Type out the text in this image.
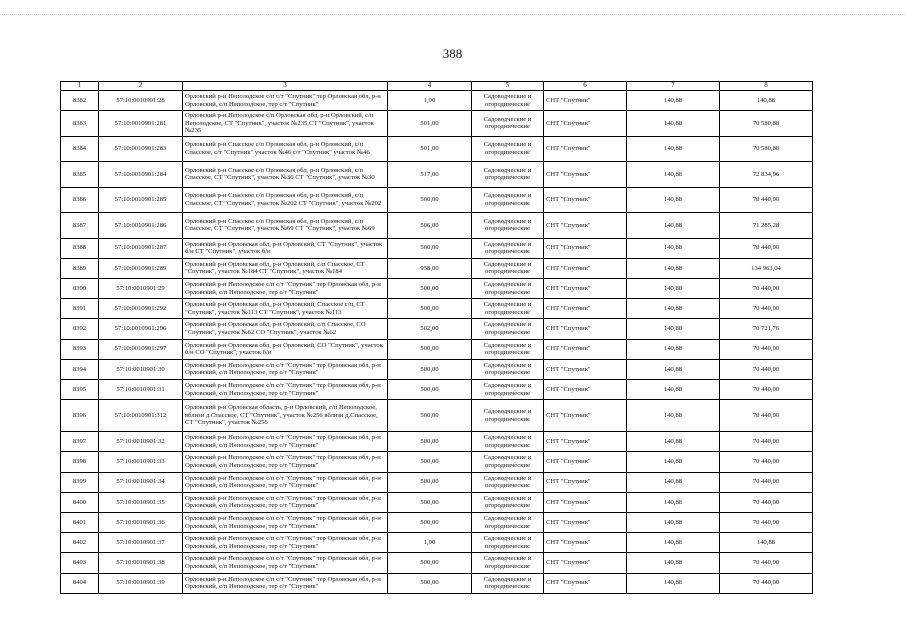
388
1	2	3	4	5	6	7	8
8382	57:10:0010901:28	Орловский р-н Неполодское с/п с/т "Спутник" тер Орловская обл, р-н Орловский, с/п Неполодское, тер с/т "Спутник"	1,00	Садоводческие и огороднические	СНТ "Спутник"	140,88	140,88
8383	57:10:0010901:281	Орловский р-н Неполодское с/п Орловская обл, р-н Орловский, с/п Неполодское, СТ "Спутник", участок №235 СТ "Спутник", участок №235	501,00	Садоводческие и огороднические	СНТ "Спутник"	140,88	70 580,88
8384	57:10:0010901:283	Орловский р-н Спасское с/п Орловская обл, р-н Орловский, с/п Спасское, с/т "Спутник" участок №46 с/т "Спутник" участок №46	501,00	Садоводческие и огороднические	СНТ "Спутник"	140,88	70 580,88
8385	57:10:0010901:284	Орловский р-н Спасское с/п Орловская обл, р-н Орловский, с/п Спасское, СТ "Спутник", участок №30 СТ "Спутник", участок №30	517,00	Садоводческие и огороднические	СНТ "Спутник"	140,88	72 834,96
8386	57:10:0010901:285	Орловский р-н Спасское с/п Орловская обл, р-н Орловский, с/п Спасское, СТ "Спутник", участок №202 СТ "Спутник", участок №202	500,00	Садоводческие и огороднические	СНТ "Спутник"	140,88	70 440,00
8387	57:10:0010901:286	Орловский р-н Спасское с/п Орловская обл, р-н Орловский, с/п Спасское, СТ "Спутник", участок №69 СТ "Спутник", участок №69	506,00	Садоводческие и огороднические	СНТ "Спутник"	140,88	71 285,28
8388	57:10:0010901:287	Орловский р-н Орловская обл, р-н Орловский, СТ "Спутник", участок б/н СТ "Спутник", участок б/н	500,00	Садоводческие и огороднические	СНТ "Спутник"	140,88	70 440,00
8389	57:10:0010901:289	Орловский р-н Орловская обл, р-н Орловский, с/п Спасское, СТ "Спутник", участок №184 СТ "Спутник", участок №184	958,00	Садоводческие и огороднические	СНТ "Спутник"	140,88	134 963,04
8390	57:10:0010901:29	Орловский р-н Неполодское с/п с/т "Спутник" тер Орловская обл, р-н Орловский, с/п Неполодское, тер с/т "Спутник"	500,00	Садоводческие и огороднические	СНТ "Спутник"	140,88	70 440,00
8391	57:10:0010901:292	Орловский р-н Орловская обл, р-н Орловский, Спасское с/п, СТ "Спутник", участок №113 СТ "Спутник", участок №113	500,00	Садоводческие и огороднические	СНТ "Спутник"	140,88	70 440,00
8392	57:10:0010901:296	Орловский р-н Орловская обл, р-н Орловский, с/п Спасское, СО "Спутник", участок №62 СО "Спутник", участок №62	502,00	Садоводческие и огороднические	СНТ "Спутник"	140,88	70 721,76
8393	57:10:0010901:297	Орловский р-н Орловская обл, р-н Орловский, СО "Спутник", участок б/н СО "Спутник", участок б/н	500,00	Садоводческие и огороднические	СНТ "Спутник"	140,88	70 440,00
8394	57:10:0010901:30	Орловский р-н Неполодское с/п с/т "Спутник" тер Орловская обл, р-н Орловский, с/п Неполодское, тер с/т "Спутник"	500,00	Садоводческие и огороднические	СНТ "Спутник"	140,88	70 440,00
8395	57:10:0010901:31	Орловский р-н Неполодское с/п с/т "Спутник" тер Орловская обл, р-н Орловский, с/п Неполодское, тер с/т "Спутник"	500,00	Садоводческие и огороднические	СНТ "Спутник"	140,88	70 440,00
8396	57:10:0010901:312	Орловский р-н Орловская область, р-н Орловский, с/п Неполодское, вблизи д.Спасское, СТ "Спутник", участок №256 вблизи д.Спасское, СТ "Спутник", участок №256	500,00	Садоводческие и огороднические	СНТ "Спутник"	140,88	70 440,00
8397	57:10:0010901:32	Орловский р-н Неполодское с/п с/т "Спутник" тер Орловская обл, р-н Орловский, с/п Неполодское, тер с/т "Спутник"	500,00	Садоводческие и огороднические	СНТ "Спутник"	140,88	70 440,00
8398	57:10:0010901:33	Орловский р-н Неполодское с/п с/т "Спутник" тер Орловская обл, р-н Орловский, с/п Неполодское, тер с/т "Спутник"	500,00	Садоводческие и огороднические	СНТ "Спутник"	140,88	70 440,00
8399	57:10:0010901:34	Орловский р-н Неполодское с/п с/т "Спутник" тер Орловская обл, р-н Орловский, с/п Неполодское, тер с/т "Спутник"	500,00	Садоводческие и огороднические	СНТ "Спутник"	140,88	70 440,00
8400	57:10:0010901:35	Орловский р-н Неполодское с/п с/т "Спутник" тер Орловская обл, р-н Орловский, с/п Неполодское, тер с/т "Спутник"	500,00	Садоводческие и огороднические	СНТ "Спутник"	140,88	70 440,00
8401	57:10:0010901:36	Орловский р-н Неполодское с/п с/т "Спутник" тер Орловская обл, р-н Орловский, с/п Неполодское, тер с/т "Спутник"	500,00	Садоводческие и огороднические	СНТ "Спутник"	140,88	70 440,00
8402	57:10:0010901:37	Орловский р-н Неполодское с/п с/т "Спутник" тер Орловская обл, р-н Орловский, с/п Неполодское, тер с/т "Спутник"	1,00	Садоводческие и огороднические	СНТ "Спутник"	140,88	140,88
8403	57:10:0010901:38	Орловский р-н Неполодское с/п с/т "Спутник" тер Орловская обл, р-н Орловский, с/п Неполодское, тер с/т "Спутник"	500,00	Садоводческие и огороднические	СНТ "Спутник"	140,88	70 440,00
8404	57:10:0010901:39	Орловский р-н Неполодское с/п с/т "Спутник" тер Орловская обл, р-н Орловский, с/п Неполодское, тер с/т "Спутник"	500,00	Садоводческие и огороднические	СНТ "Спутник"	140,88	70 440,00
